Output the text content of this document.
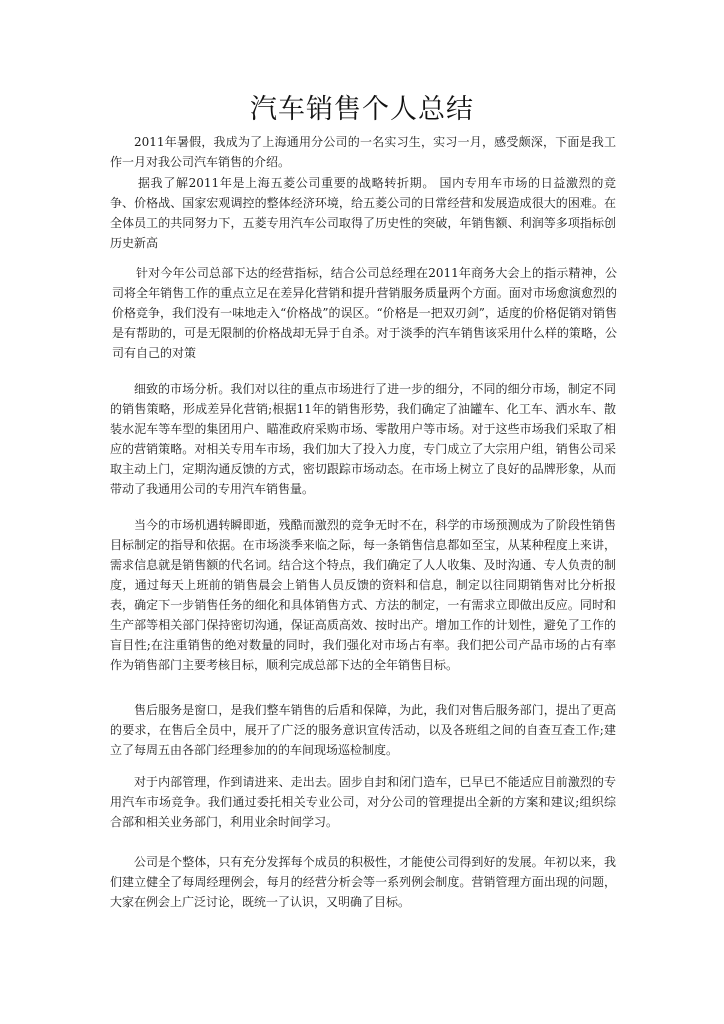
汽车销售个人总结

2011年暑假，我成为了上海通用分公司的一名实习生，实习一月，感受颇深，下面是我工作一月对我公司汽车销售的介绍。

据我了解2011年是上海五菱公司重要的战略转折期。 国内专用车市场的日益激烈的竞争、价格战、国家宏观调控的整体经济环境，给五菱公司的日常经营和发展造成很大的困难。在全体员工的共同努力下，五菱专用汽车公司取得了历史性的突破，年销售额、利润等多项指标创历史新高

针对今年公司总部下达的经营指标，结合公司总经理在2011年商务大会上的指示精神，公司将全年销售工作的重点立足在差异化营销和提升营销服务质量两个方面。面对市场愈演愈烈的价格竞争，我们没有一味地走入“价格战”的误区。“价格是一把双刃剑”，适度的价格促销对销售是有帮助的，可是无限制的价格战却无异于自杀。对于淡季的汽车销售该采用什么样的策略，公司有自己的对策

细致的市场分析。我们对以往的重点市场进行了进一步的细分，不同的细分市场，制定不同的销售策略，形成差异化营销;根据11年的销售形势，我们确定了油罐车、化工车、洒水车、散装水泥车等车型的集团用户、瞄准政府采购市场、零散用户等市场。对于这些市场我们采取了相应的营销策略。对相关专用车市场，我们加大了投入力度，专门成立了大宗用户组，销售公司采取主动上门，定期沟通反馈的方式，密切跟踪市场动态。在市场上树立了良好的品牌形象，从而带动了我通用公司的专用汽车销售量。

当今的市场机遇转瞬即逝，残酷而激烈的竞争无时不在，科学的市场预测成为了阶段性销售目标制定的指导和依据。在市场淡季来临之际，每一条销售信息都如至宝，从某种程度上来讲，需求信息就是销售额的代名词。结合这个特点，我们确定了人人收集、及时沟通、专人负责的制度，通过每天上班前的销售晨会上销售人员反馈的资料和信息，制定以往同期销售对比分析报表，确定下一步销售任务的细化和具体销售方式、方法的制定，一有需求立即做出反应。同时和生产部等相关部门保持密切沟通，保证高质高效、按时出产。增加工作的计划性，避免了工作的盲目性;在注重销售的绝对数量的同时，我们强化对市场占有率。我们把公司产品市场的占有率作为销售部门主要考核目标，顺利完成总部下达的全年销售目标。

售后服务是窗口，是我们整车销售的后盾和保障，为此，我们对售后服务部门，提出了更高的要求，在售后全员中，展开了广泛的服务意识宣传活动，以及各班组之间的自查互查工作;建立了每周五由各部门经理参加的的车间现场巡检制度。

对于内部管理，作到请进来、走出去。固步自封和闭门造车，已早已不能适应目前激烈的专用汽车市场竞争。我们通过委托相关专业公司，对分公司的管理提出全新的方案和建议;组织综合部和相关业务部门，利用业余时间学习。

公司是个整体，只有充分发挥每个成员的积极性，才能使公司得到好的发展。年初以来，我们建立健全了每周经理例会，每月的经营分析会等一系列例会制度。营销管理方面出现的问题，大家在例会上广泛讨论，既统一了认识，又明确了目标。
